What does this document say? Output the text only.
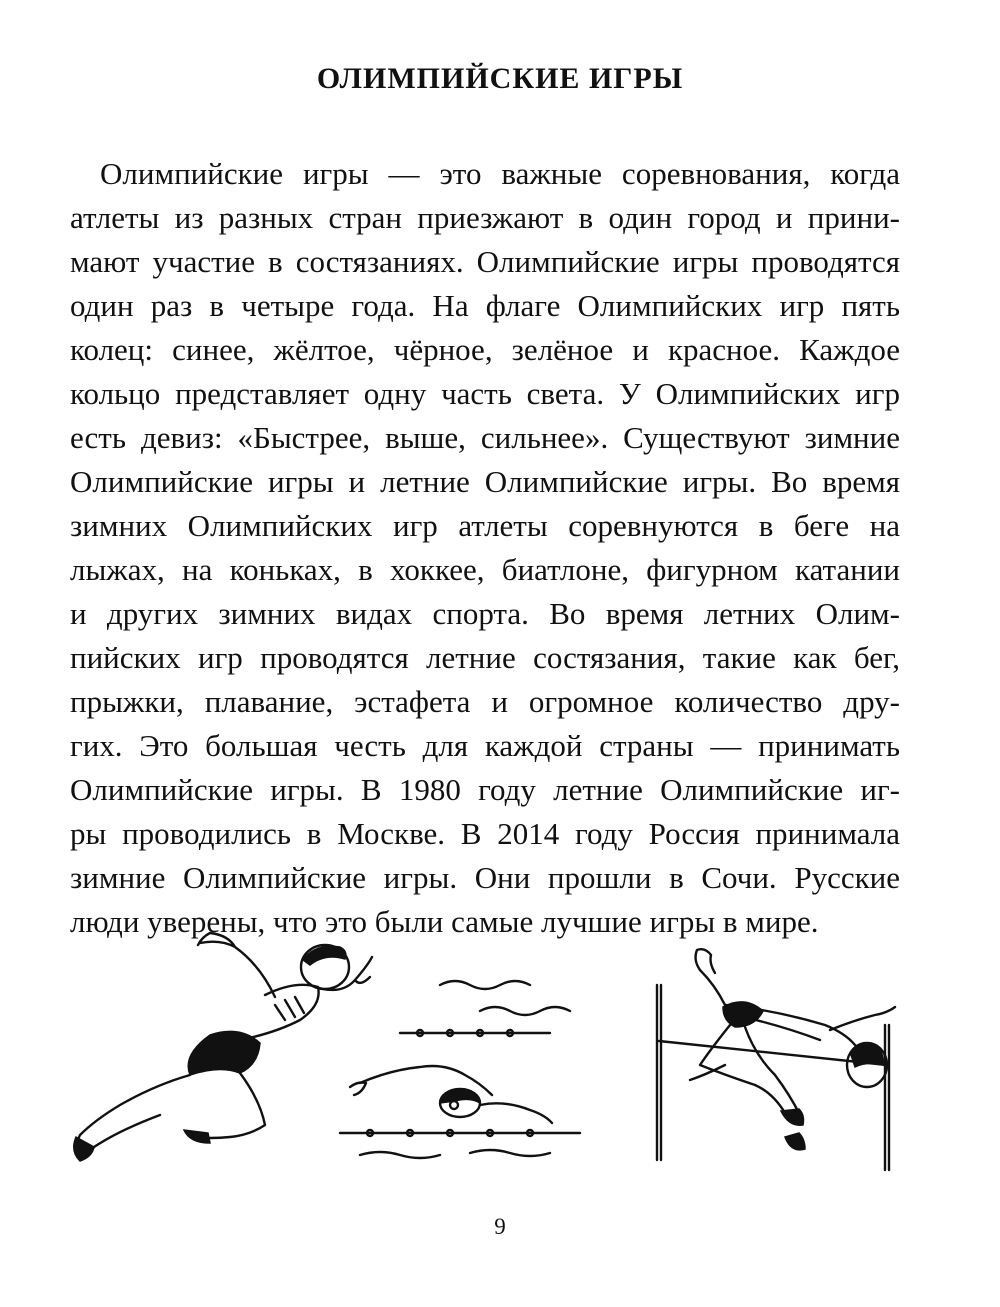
ОЛИМПИЙСКИЕ ИГРЫ
Олимпийские игры — это важные соревнования, когда
атлеты из разных стран приезжают в один город и прини-
мают участие в состязаниях. Олимпийские игры проводятся
один раз в четыре года. На флаге Олимпийских игр пять
колец: синее, жёлтое, чёрное, зелёное и красное. Каждое
кольцо представляет одну часть света. У Олимпийских игр
есть девиз: «Быстрее, выше, сильнее». Существуют зимние
Олимпийские игры и летние Олимпийские игры. Во время
зимних Олимпийских игр атлеты соревнуются в беге на
лыжах, на коньках, в хоккее, биатлоне, фигурном катании
и других зимних видах спорта. Во время летних Олим-
пийских игр проводятся летние состязания, такие как бег,
прыжки, плавание, эстафета и огромное количество дру-
гих. Это большая честь для каждой страны — принимать
Олимпийские игры. В 1980 году летние Олимпийские иг-
ры проводились в Москве. В 2014 году Россия принимала
зимние Олимпийские игры. Они прошли в Сочи. Русские
люди уверены, что это были самые лучшие игры в мире.
9
